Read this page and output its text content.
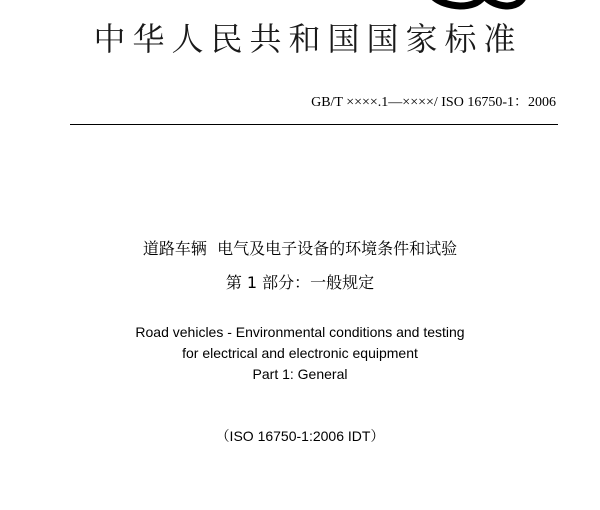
中华人民共和国国家标准
GB/T ××××.1—××××/ ISO 16750-1：2006
道路车辆  电气及电子设备的环境条件和试验
第 1 部分：一般规定
Road vehicles - Environmental conditions and testing
for electrical and electronic equipment
Part 1: General
（ISO 16750-1:2006 IDT）
